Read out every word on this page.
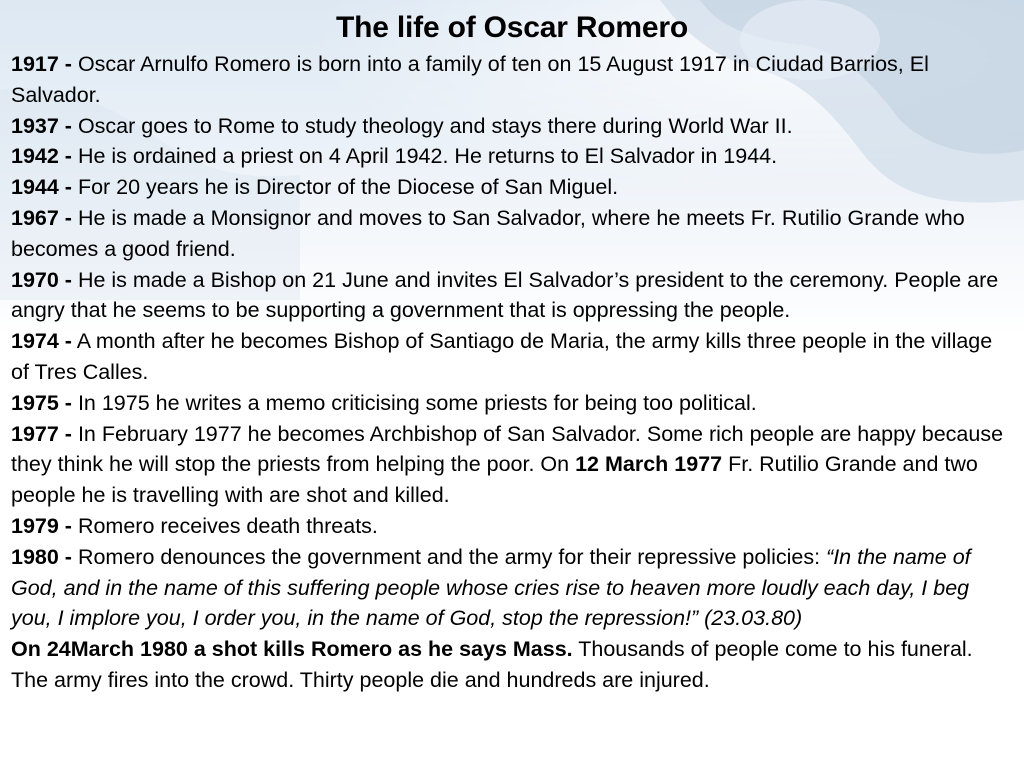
The life of Oscar Romero

1917 - Oscar Arnulfo Romero is born into a family of ten on 15 August 1917 in Ciudad Barrios, El Salvador.

1937 - Oscar goes to Rome to study theology and stays there during World War II.

1942 - He is ordained a priest on 4 April 1942. He returns to El Salvador in 1944.

1944 - For 20 years he is Director of the Diocese of San Miguel.

1967 - He is made a Monsignor and moves to San Salvador, where he meets Fr. Rutilio Grande who becomes a good friend.

1970 - He is made a Bishop on 21 June and invites El Salvador’s president to the ceremony. People are angry that he seems to be supporting a government that is oppressing the people.

1974 - A month after he becomes Bishop of Santiago de Maria, the army kills three people in the village of Tres Calles.

1975 - In 1975 he writes a memo criticising some priests for being too political.

1977 - In February 1977 he becomes Archbishop of San Salvador. Some rich people are happy because they think he will stop the priests from helping the poor. On 12 March 1977 Fr. Rutilio Grande and two people he is travelling with are shot and killed.

1979 - Romero receives death threats.

1980 - Romero denounces the government and the army for their repressive policies: “In the name of God, and in the name of this suffering people whose cries rise to heaven more loudly each day, I beg you, I implore you, I order you, in the name of God, stop the repression!” (23.03.80)

On 24March 1980 a shot kills Romero as he says Mass. Thousands of people come to his funeral. The army fires into the crowd. Thirty people die and hundreds are injured.
